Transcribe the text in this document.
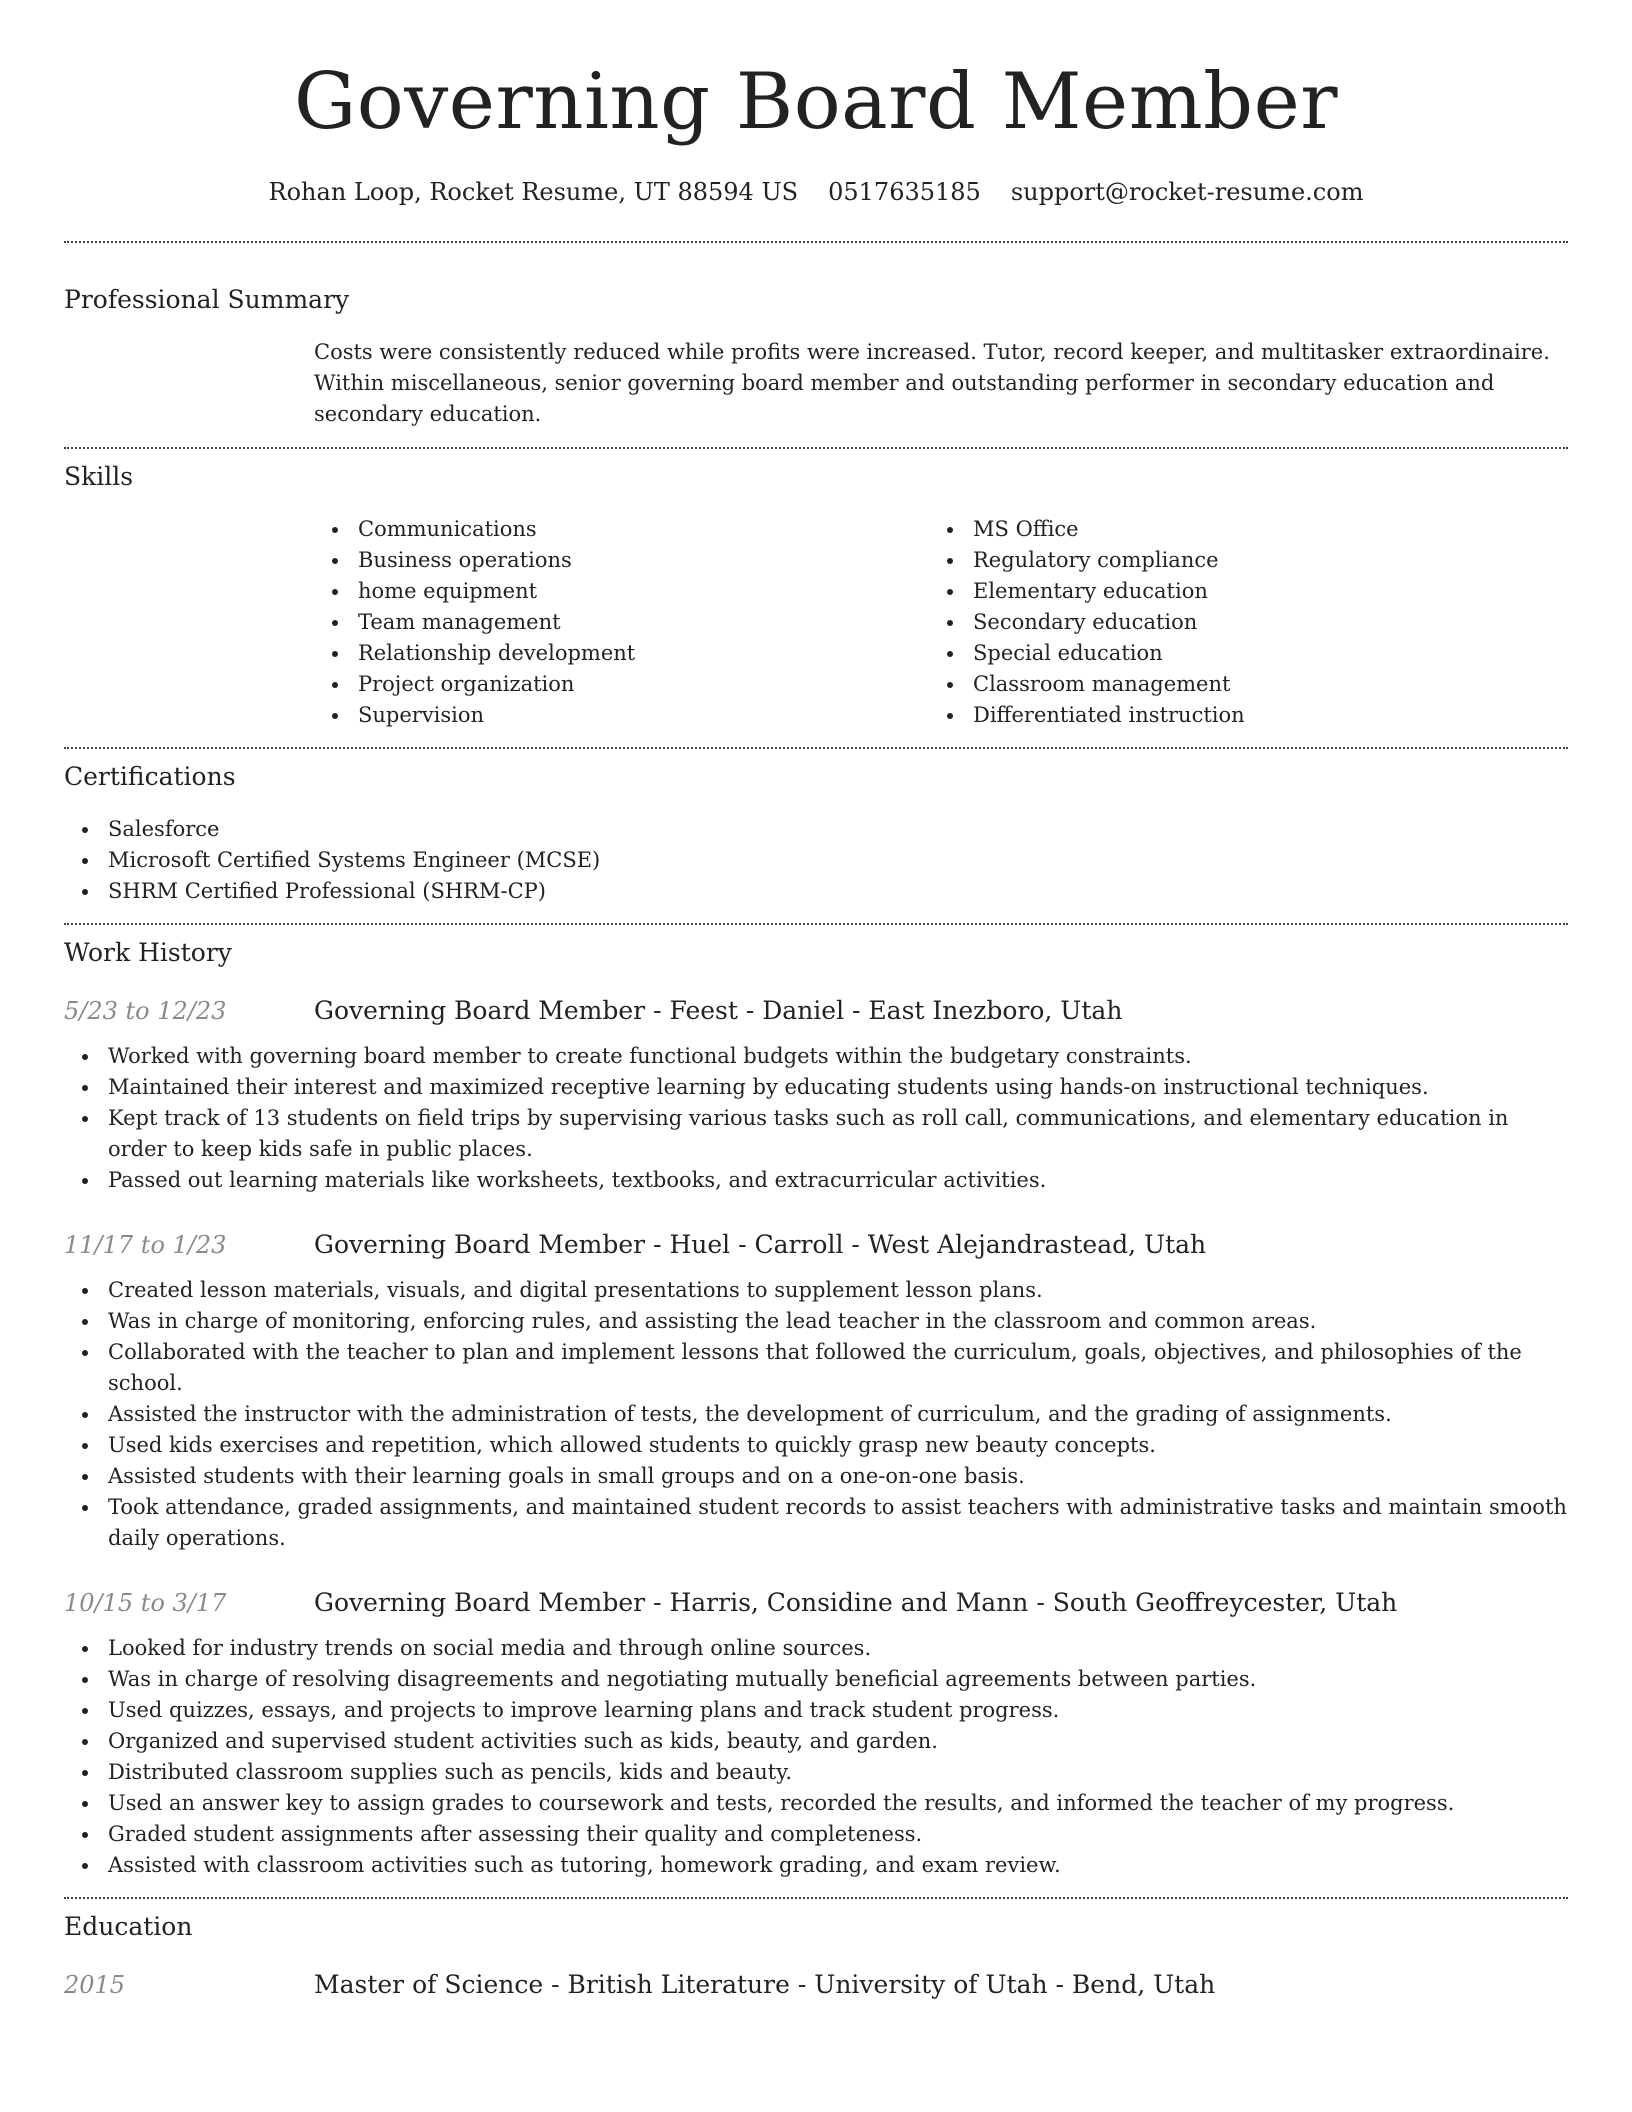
Governing Board Member
Rohan Loop, Rocket Resume, UT 88594 US 0517635185 support@rocket-resume.com
Professional Summary
Costs were consistently reduced while profits were increased. Tutor, record keeper, and multitasker extraordinaire. Within miscellaneous, senior governing board member and outstanding performer in secondary education and secondary education.
Skills
Communications
Business operations
home equipment
Team management
Relationship development
Project organization
Supervision
MS Office
Regulatory compliance
Elementary education
Secondary education
Special education
Classroom management
Differentiated instruction
Certifications
Salesforce
Microsoft Certified Systems Engineer (MCSE)
SHRM Certified Professional (SHRM-CP)
Work History
5/23 to 12/23	Governing Board Member - Feest - Daniel - East Inezboro, Utah
Worked with governing board member to create functional budgets within the budgetary constraints.
Maintained their interest and maximized receptive learning by educating students using hands-on instructional techniques.
Kept track of 13 students on field trips by supervising various tasks such as roll call, communications, and elementary education in order to keep kids safe in public places.
Passed out learning materials like worksheets, textbooks, and extracurricular activities.
11/17 to 1/23	Governing Board Member - Huel - Carroll - West Alejandrastead, Utah
Created lesson materials, visuals, and digital presentations to supplement lesson plans.
Was in charge of monitoring, enforcing rules, and assisting the lead teacher in the classroom and common areas.
Collaborated with the teacher to plan and implement lessons that followed the curriculum, goals, objectives, and philosophies of the school.
Assisted the instructor with the administration of tests, the development of curriculum, and the grading of assignments.
Used kids exercises and repetition, which allowed students to quickly grasp new beauty concepts.
Assisted students with their learning goals in small groups and on a one-on-one basis.
Took attendance, graded assignments, and maintained student records to assist teachers with administrative tasks and maintain smooth daily operations.
10/15 to 3/17	Governing Board Member - Harris, Considine and Mann - South Geoffreycester, Utah
Looked for industry trends on social media and through online sources.
Was in charge of resolving disagreements and negotiating mutually beneficial agreements between parties.
Used quizzes, essays, and projects to improve learning plans and track student progress.
Organized and supervised student activities such as kids, beauty, and garden.
Distributed classroom supplies such as pencils, kids and beauty.
Used an answer key to assign grades to coursework and tests, recorded the results, and informed the teacher of my progress.
Graded student assignments after assessing their quality and completeness.
Assisted with classroom activities such as tutoring, homework grading, and exam review.
Education
2015	Master of Science - British Literature - University of Utah - Bend, Utah
